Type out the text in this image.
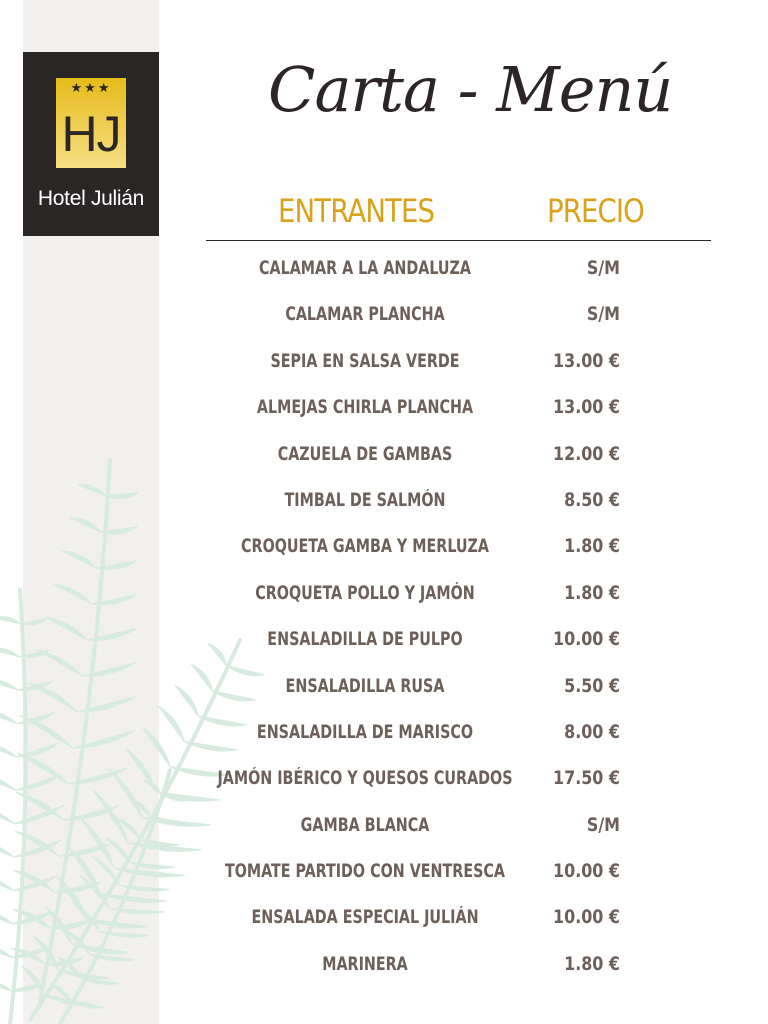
★★★
HJ
Hotel Julián
Carta - Menú
ENTRANTES	PRECIO
CALAMAR A LA ANDALUZA	S/M
CALAMAR PLANCHA	S/M
SEPIA EN SALSA VERDE	13.00 €
ALMEJAS CHIRLA PLANCHA	13.00 €
CAZUELA DE GAMBAS	12.00 €
TIMBAL DE SALMÓN	8.50 €
CROQUETA GAMBA Y MERLUZA	1.80 €
CROQUETA POLLO Y JAMÓN	1.80 €
ENSALADILLA DE PULPO	10.00 €
ENSALADILLA RUSA	5.50 €
ENSALADILLA DE MARISCO	8.00 €
JAMÓN IBÉRICO Y QUESOS CURADOS	17.50 €
GAMBA BLANCA	S/M
TOMATE PARTIDO CON VENTRESCA	10.00 €
ENSALADA ESPECIAL JULIÁN	10.00 €
MARINERA	1.80 €
